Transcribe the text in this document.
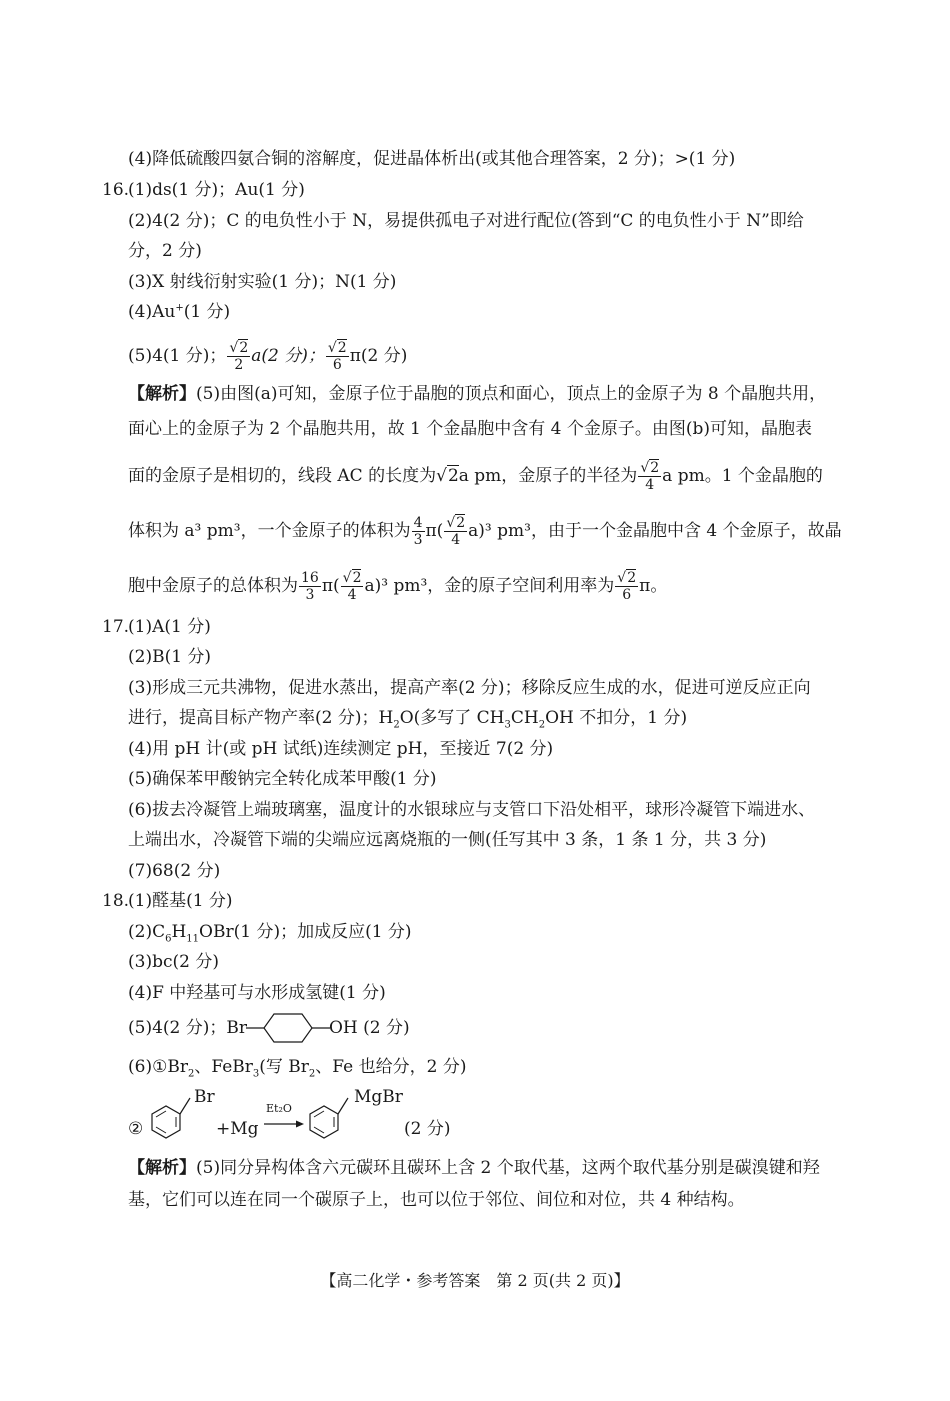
(4)降低硫酸四氨合铜的溶解度，促进晶体析出(或其他合理答案，2 分)；>(1 分)
16.
(1)ds(1 分)；Au(1 分)
(2)4(2 分)；C 的电负性小于 N，易提供孤电子对进行配位(答到“C 的电负性小于 N”即给
分，2 分)
(3)X 射线衍射实验(1 分)；N(1 分)
(4)Au+(1 分)
(5)4(1 分)； $\frac{√2}{2} a(2$ 分)； $\frac{√2}{6} \pi(2$ 分)
【解析】(5)由图(a)可知，金原子位于晶胞的顶点和面心，顶点上的金原子为 8 个晶胞共用，
面心上的金原子为 2 个晶胞共用，故 1 个金晶胞中含有 4 个金原子。由图(b)可知，晶胞表
面的金原子是相切的，线段 AC 的长度为√2a pm，金原子的半径为 $\frac{√2}{4}$ a pm。1 个金晶胞的
体积为 a³ pm³，一个金原子的体积为 $\frac{4}{3} \pi( \frac{√2}{4} a)^3$ pm³，由于一个金晶胞中含 4 个金原子，故晶
胞中金原子的总体积为 $\frac{16}{3} \pi( \frac{√2}{4} a)^3$ pm³，金的原子空间利用率为 $\frac{√2}{6}$ π。
17.
(1)A(1 分)
(2)B(1 分)
(3)形成三元共沸物，促进水蒸出，提高产率(2 分)；移除反应生成的水，促进可逆反应正向
进行，提高目标产物产率(2 分)；$H_2O$(多写了 $CH_3CH_2OH$ 不扣分，1 分)
(4)用 pH 计(或 pH 试纸)连续测定 pH，至接近 7(2 分)
(5)确保苯甲酸钠完全转化成苯甲酸(1 分)
(6)拔去冷凝管上端玻璃塞，温度计的水银球应与支管口下沿处相平，球形冷凝管下端进水、
上端出水，冷凝管下端的尖端应远离烧瓶的一侧(任写其中 3 条，1 条 1 分，共 3 分)
(7)68(2 分)
18.
(1)醛基(1 分)
$(2)C_6H_{11}OBr(1$ 分)；加成反应(1 分)
(3)bc(2 分)
(4)F 中羟基可与水形成氢键(1 分)
(5)4(2 分)；Br	OH (2 分)
$(6)①Br_2$、FeBr$_3$(写 $Br_2$、Fe 也给分，2 分)
②
Br
+Mg
Et₂O
MgBr
(2 分)
【解析】(5)同分异构体含六元碳环且碳环上含 2 个取代基，这两个取代基分别是碳溴键和羟
基，它们可以连在同一个碳原子上，也可以位于邻位、间位和对位，共 4 种结构。
【高二化学・参考答案　第 2 页(共 2 页)】
